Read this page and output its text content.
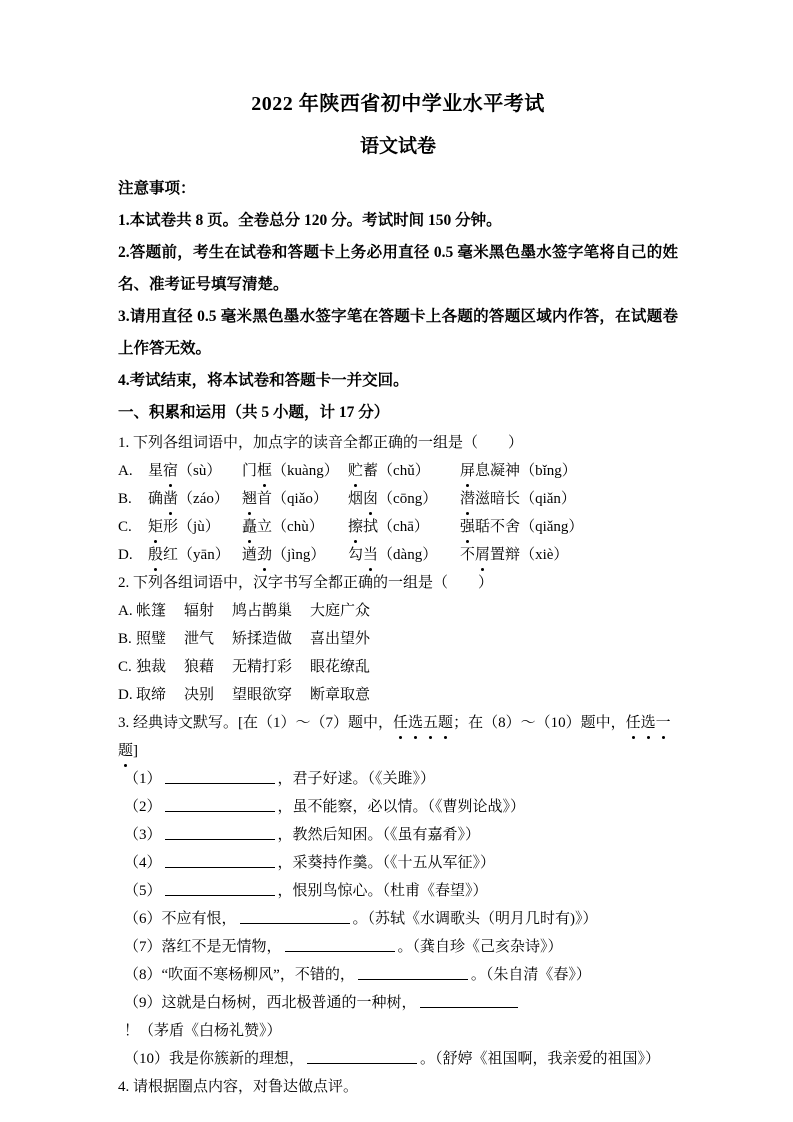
2022 年陕西省初中学业水平考试
语文试卷

注意事项：

1.本试卷共 8 页。全卷总分 120 分。考试时间 150 分钟。

2.答题前，考生在试卷和答题卡上务必用直径 0.5 毫米黑色墨水签字笔将自己的姓名、准考证号填写清楚。

3.请用直径 0.5 毫米黑色墨水签字笔在答题卡上各题的答题区域内作答，在试题卷上作答无效。

4.考试结束，将本试卷和答题卡一并交回。

一、积累和运用（共 5 小题，计 17 分）

1. 下列各组词语中，加点字的读音全都正确的一组是（　　）

A.	星宿（sù）	门框（kuàng） 贮蓄（chǔ）	屏息凝神（bǐng）
B.	确凿（záo） 翘首（qiǎo）	烟囱（cōng）	潜滋暗长（qiǎn）
C.	矩形（jù）	矗立（chù）	擦拭（chā）	强聒不舍（qiǎng）
D.	殷红（yān） 遒劲（jìng）	勾当（dàng）	不屑置辩（xiè）

2. 下列各组词语中，汉字书写全都正确的一组是（　　）

A. 帐篷	辐射	鸠占鹊巢	大庭广众
B. 照璧	泄气	矫揉造做	喜出望外
C. 独裁	狼藉	无精打彩	眼花缭乱
D. 取缔	决别	望眼欲穿	断章取意

3. 经典诗文默写。[在（1）～（7）题中，任选五题；在（8）～（10）题中，任选一题]

（1）	，君子好逑。（《关雎》）

（2）	，虽不能察，必以情。（《曹刿论战》）

（3）	，教然后知困。（《虽有嘉肴》）

（4）	，采葵持作羹。（《十五从军征》）

（5）	，恨别鸟惊心。（杜甫《春望》）

（6）不应有恨，	。（苏轼《水调歌头（明月几时有)》）

（7）落红不是无情物，	。（龚自珍《己亥杂诗》）

（8）“吹面不寒杨柳风”，不错的，	。（朱自清《春》）

（9）这就是白杨树，西北极普通的一种树，！（茅盾《白杨礼赞》）

（10）我是你簇新的理想，	。（舒婷《祖国啊，我亲爱的祖国》）

4. 请根据圈点内容，对鲁达做点评。
